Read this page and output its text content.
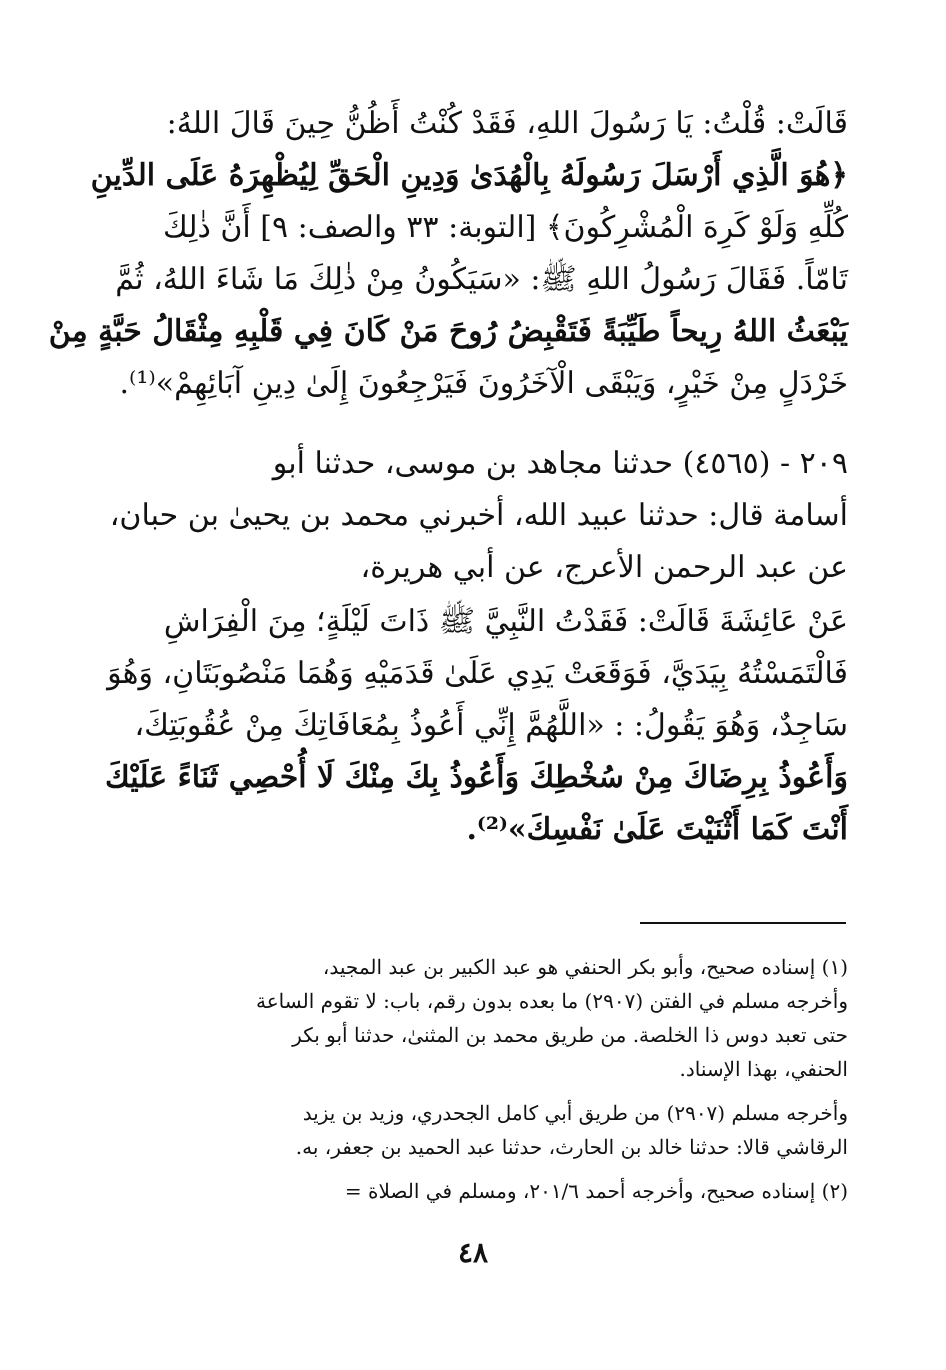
قَالَتْ: قُلْتُ: يَا رَسُولَ اللهِ، فَقَدْ كُنْتُ أَظُنُّ حِينَ قَالَ اللهُ:
﴿هُوَ الَّذِي أَرْسَلَ رَسُولَهُ بِالْهُدَىٰ وَدِينِ الْحَقِّ لِيُظْهِرَهُ عَلَى الدِّينِ
كُلِّهِ وَلَوْ كَرِهَ الْمُشْرِكُونَ﴾ [التوبة: ٣٣ والصف: ٩] أَنَّ ذٰلِكَ
تَامّاً. فَقَالَ رَسُولُ اللهِ ﷺ: «سَيَكُونُ مِنْ ذٰلِكَ مَا شَاءَ اللهُ، ثُمَّ
يَبْعَثُ اللهُ رِيحاً طَيِّبَةً فَتَقْبِضُ رُوحَ مَنْ كَانَ فِي قَلْبِهِ مِثْقَالُ حَبَّةٍ مِنْ
خَرْدَلٍ مِنْ خَيْرٍ، وَيَبْقَى الْآخَرُونَ فَيَرْجِعُونَ إِلَىٰ دِينِ آبَائِهِمْ»⁽¹⁾.
٢٠٩ - (٤٥٦٥) حدثنا مجاهد بن موسى، حدثنا أبو
أسامة قال: حدثنا عبيد الله، أخبرني محمد بن يحيىٰ بن حبان،
عن عبد الرحمن الأعرج، عن أبي هريرة،
عَنْ عَائِشَةَ قَالَتْ: فَقَدْتُ النَّبِيَّ ﷺ ذَاتَ لَيْلَةٍ؛ مِنَ الْفِرَاشِ
فَالْتَمَسْتُهُ بِيَدَيَّ، فَوَقَعَتْ يَدِي عَلَىٰ قَدَمَيْهِ وَهُمَا مَنْصُوبَتَانِ، وَهُوَ
سَاجِدٌ، وَهُوَ يَقُولُ: : «اللَّهُمَّ إِنِّي أَعُوذُ بِمُعَافَاتِكَ مِنْ عُقُوبَتِكَ،
وَأَعُوذُ بِرِضَاكَ مِنْ سُخْطِكَ وَأَعُوذُ بِكَ مِنْكَ لَا أُحْصِي ثَنَاءً عَلَيْكَ
أَنْتَ كَمَا أَثْنَيْتَ عَلَىٰ نَفْسِكَ»⁽²⁾.
(١) إسناده صحيح، وأبو بكر الحنفي هو عبد الكبير بن عبد المجيد،
وأخرجه مسلم في الفتن (٢٩٠٧) ما بعده بدون رقم، باب: لا تقوم الساعة
حتى تعبد دوس ذا الخلصة. من طريق محمد بن المثنىٰ، حدثنا أبو بكر
الحنفي، بهذا الإسناد.
وأخرجه مسلم (٢٩٠٧) من طريق أبي كامل الجحدري، وزيد بن يزيد
الرقاشي قالا: حدثنا خالد بن الحارث، حدثنا عبد الحميد بن جعفر، به.
(٢) إسناده صحيح، وأخرجه أحمد ٢٠١/٦، ومسلم في الصلاة =
٤٨
